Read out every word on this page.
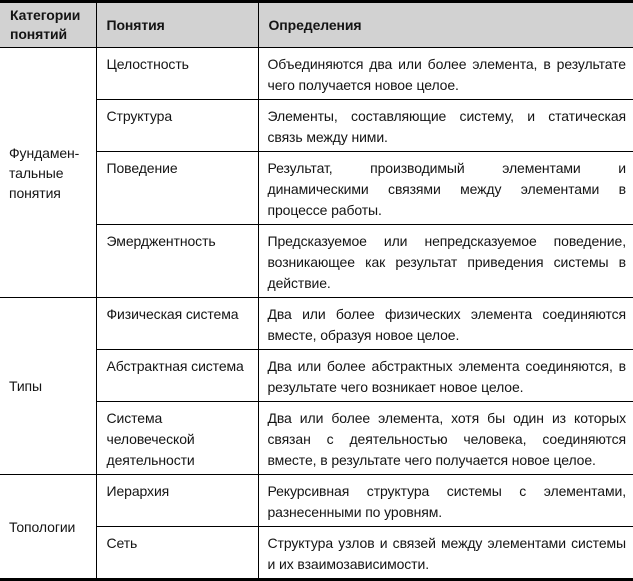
Категории понятий	Понятия	Определения
Фундамен-тальные понятия	Целостность	Объединяются два или более элемента, в результате чего получается новое целое.
	Структура	Элементы, составляющие систему, и статическая связь между ними.
	Поведение	Результат, производимый элементами и динамическими связями между элементами в процессе работы.
	Эмерджентность	Предсказуемое или непредсказуемое поведение, возникающее как результат приведения системы в действие.
Типы	Физическая система	Два или более физических элемента соединяются вместе, образуя новое целое.
	Абстрактная система	Два или более абстрактных элемента соединяются, в результате чего возникает новое целое.
	Система человеческой деятельности	Два или более элемента, хотя бы один из которых связан с деятельностью человека, соединяются вместе, в результате чего получается новое целое.
Топологии	Иерархия	Рекурсивная структура системы с элементами, разнесенными по уровням.
	Сеть	Структура узлов и связей между элементами системы и их взаимозависимости.
